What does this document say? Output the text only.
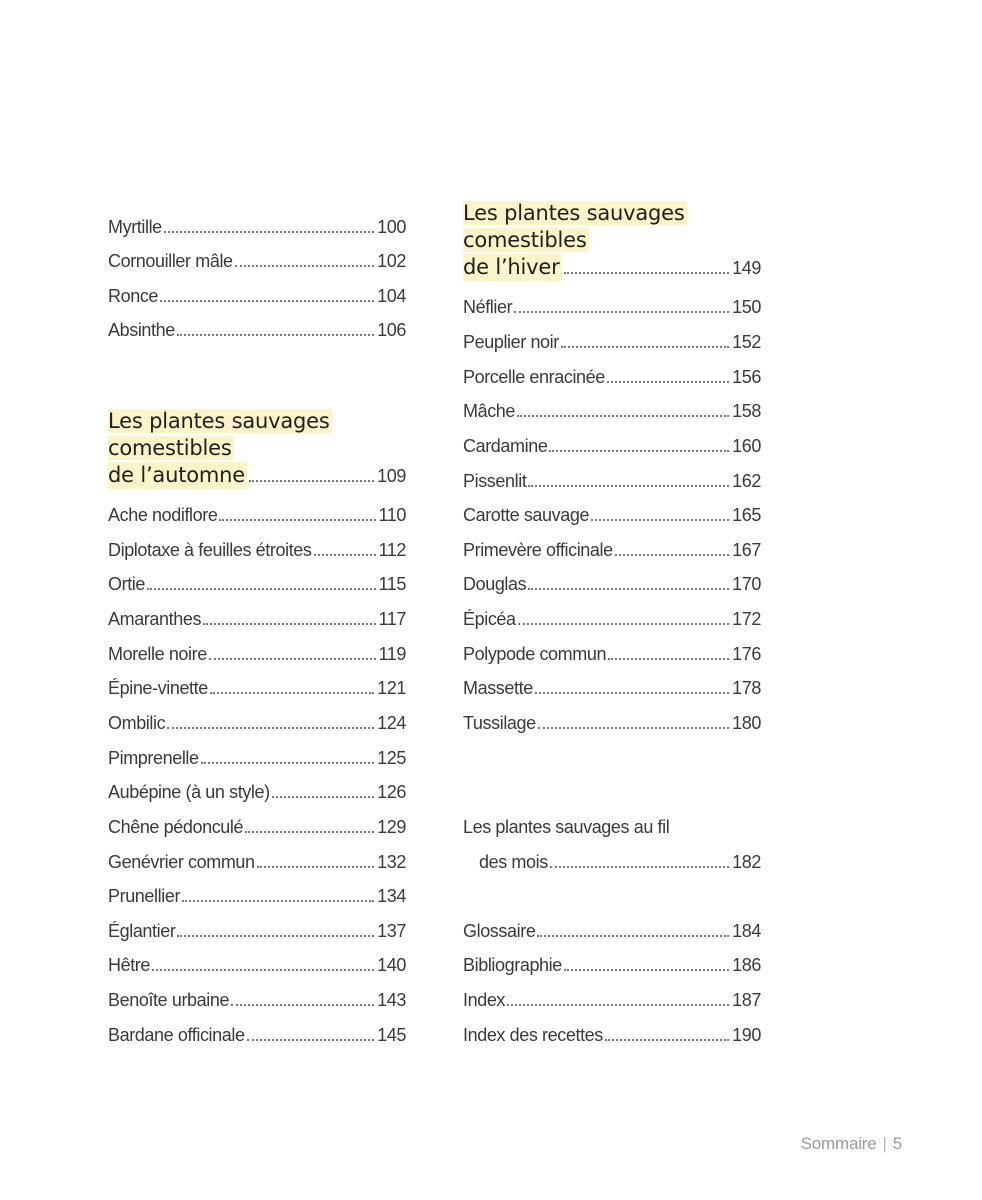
Myrtille	100
Cornouiller mâle	102
Ronce	104
Absinthe	106
Les plantes sauvages
comestibles
de l’automne	109
Ache nodiflore	110
Diplotaxe à feuilles étroites	112
Ortie	115
Amaranthes	117
Morelle noire	119
Épine-vinette	121
Ombilic	124
Pimprenelle	125
Aubépine (à un style)	126
Chêne pédonculé	129
Genévrier commun	132
Prunellier	134
Églantier	137
Hêtre	140
Benoîte urbaine	143
Bardane officinale	145
Les plantes sauvages
comestibles
de l’hiver	149
Néflier	150
Peuplier noir	152
Porcelle enracinée	156
Mâche	158
Cardamine	160
Pissenlit	162
Carotte sauvage	165
Primevère officinale	167
Douglas	170
Épicéa	172
Polypode commun	176
Massette	178
Tussilage	180
Les plantes sauvages au fil
des mois	182
Glossaire	184
Bibliographie	186
Index	187
Index des recettes	190
Sommaire | 5
